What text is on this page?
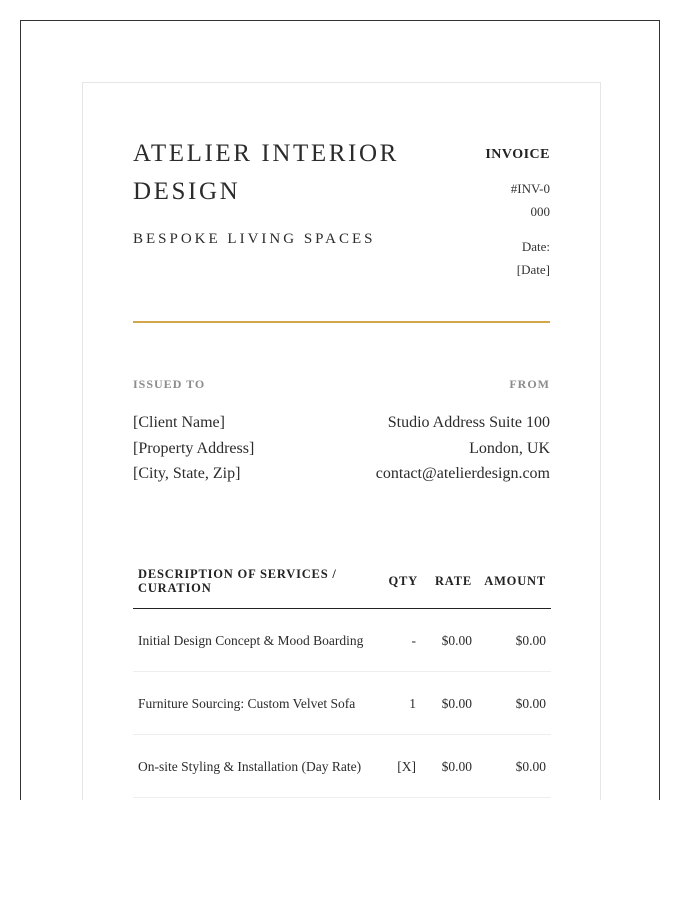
ATELIER INTERIOR DESIGN
BESPOKE LIVING SPACES
INVOICE
#INV-0000
Date: [Date]
ISSUED TO	FROM
[Client Name]
[Property Address]
[City, State, Zip]
Studio Address Suite 100
London, UK
contact@atelierdesign.com
DESCRIPTION OF SERVICES / CURATION	QTY	RATE	AMOUNT
Initial Design Concept & Mood Boarding	-	$0.00	$0.00
Furniture Sourcing: Custom Velvet Sofa	1	$0.00	$0.00
On-site Styling & Installation (Day Rate)	[X]	$0.00	$0.00
